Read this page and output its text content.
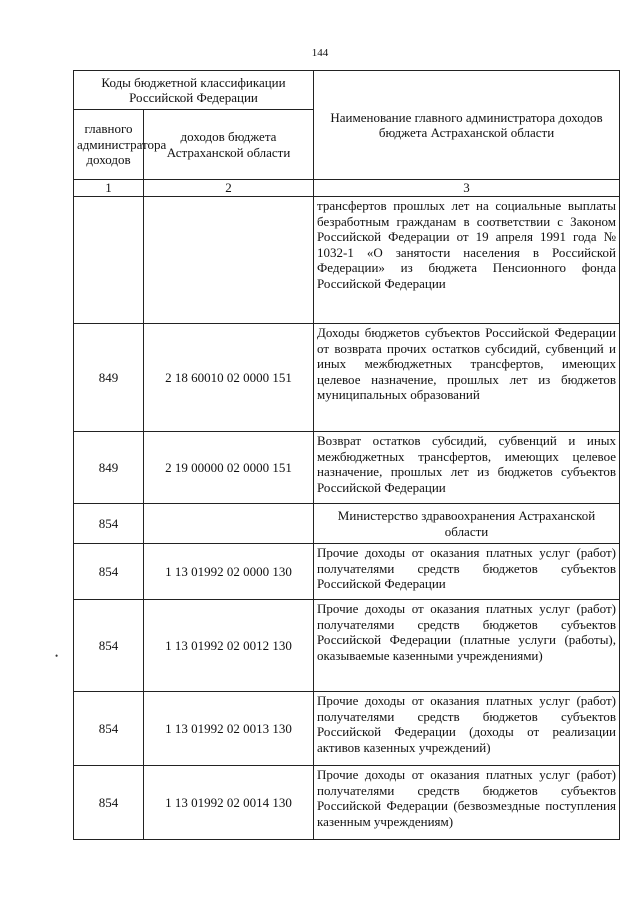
144
•
Коды бюджетной классификации Российской Федерации		Наименование главного администратора доходов бюджета Астраханской области
главного администратора доходов	доходов бюджета Астраханской области	
1	2	3
		трансфертов прошлых лет на социальные выплаты безработным гражданам в соответствии с Законом Российской Федерации от 19 апреля 1991 года № 1032-1 «О занятости населения в Российской Федерации» из бюджета Пенсионного фонда Российской Федерации
849	2 18 60010 02 0000 151	Доходы бюджетов субъектов Российской Федерации от возврата прочих остатков субсидий, субвенций и иных межбюджетных трансфертов, имеющих целевое назначение, прошлых лет из бюджетов муниципальных образований
849	2 19 00000 02 0000 151	Возврат остатков субсидий, субвенций и иных межбюджетных трансфертов, имеющих целевое назначение, прошлых лет из бюджетов субъектов Российской Федерации
854		Министерство здравоохранения Астраханской области
854	1 13 01992 02 0000 130	Прочие доходы от оказания платных услуг (работ) получателями средств бюджетов субъектов Российской Федерации
854	1 13 01992 02 0012 130	Прочие доходы от оказания платных услуг (работ) получателями средств бюджетов субъектов Российской Федерации (платные услуги (работы), оказываемые казенными учреждениями)
854	1 13 01992 02 0013 130	Прочие доходы от оказания платных услуг (работ) получателями средств бюджетов субъектов Российской Федерации (доходы от реализации активов казенных учреждений)
854	1 13 01992 02 0014 130	Прочие доходы от оказания платных услуг (работ) получателями средств бюджетов субъектов Российской Федерации (безвозмездные поступления казенным учреждениям)
